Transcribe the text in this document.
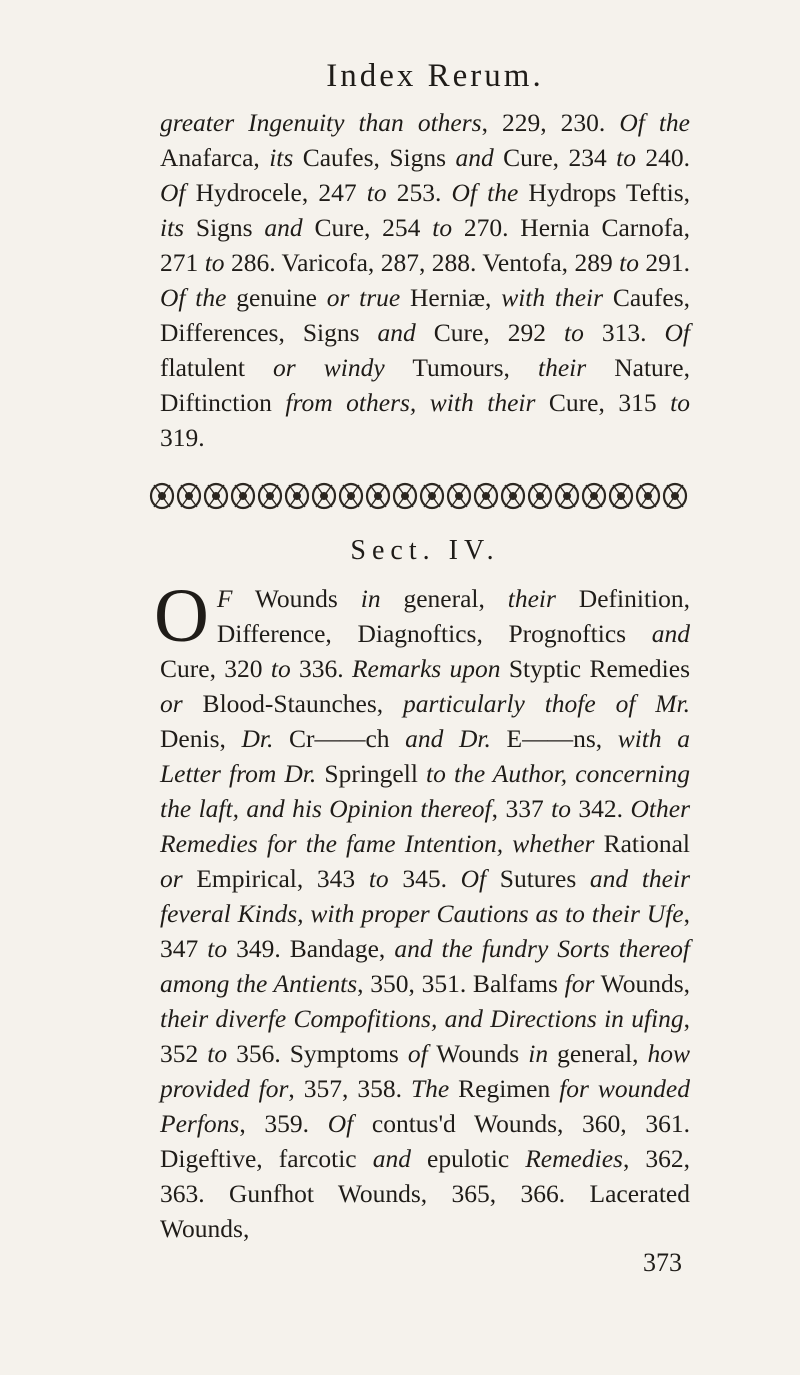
Index Rerum.

greater Ingenuity than others, 229, 230. Of the Anafarca, its Caufes, Signs and Cure, 234 to 240. Of Hydrocele, 247 to 253. Of the Hydrops Teftis, its Signs and Cure, 254 to 270. Hernia Carnofa, 271 to 286. Varicofa, 287, 288. Ventofa, 289 to 291. Of the genuine or true Herniæ, with their Caufes, Differences, Signs and Cure, 292 to 313. Of flatulent or windy Tumours, their Nature, Diftinction from others, with their Cure, 315 to 319.

Sect. IV.
O F Wounds in general, their Definition, Difference, Diagnoftics, Prognoftics and Cure, 320 to 336. Remarks upon Styptic Remedies or Blood-Staunches, particularly thofe of Mr. Denis, Dr. Cr——ch and Dr. E——ns, with a Letter from Dr. Springell to the Author, concerning the laft, and his Opinion thereof, 337 to 342. Other Remedies for the fame Intention, whether Rational or Empirical, 343 to 345. Of Sutures and their feveral Kinds, with proper Cautions as to their Ufe, 347 to 349. Bandage, and the fundry Sorts thereof among the Antients, 350, 351. Balfams for Wounds, their diverfe Compofitions, and Directions in ufing, 352 to 356. Symptoms of Wounds in general, how provided for, 357, 358. The Regimen for wounded Perfons, 359. Of contus'd Wounds, 360, 361. Digeftive, farcotic and epulotic Remedies, 362, 363. Gunfhot Wounds, 365, 366. Lacerated Wounds,
373
